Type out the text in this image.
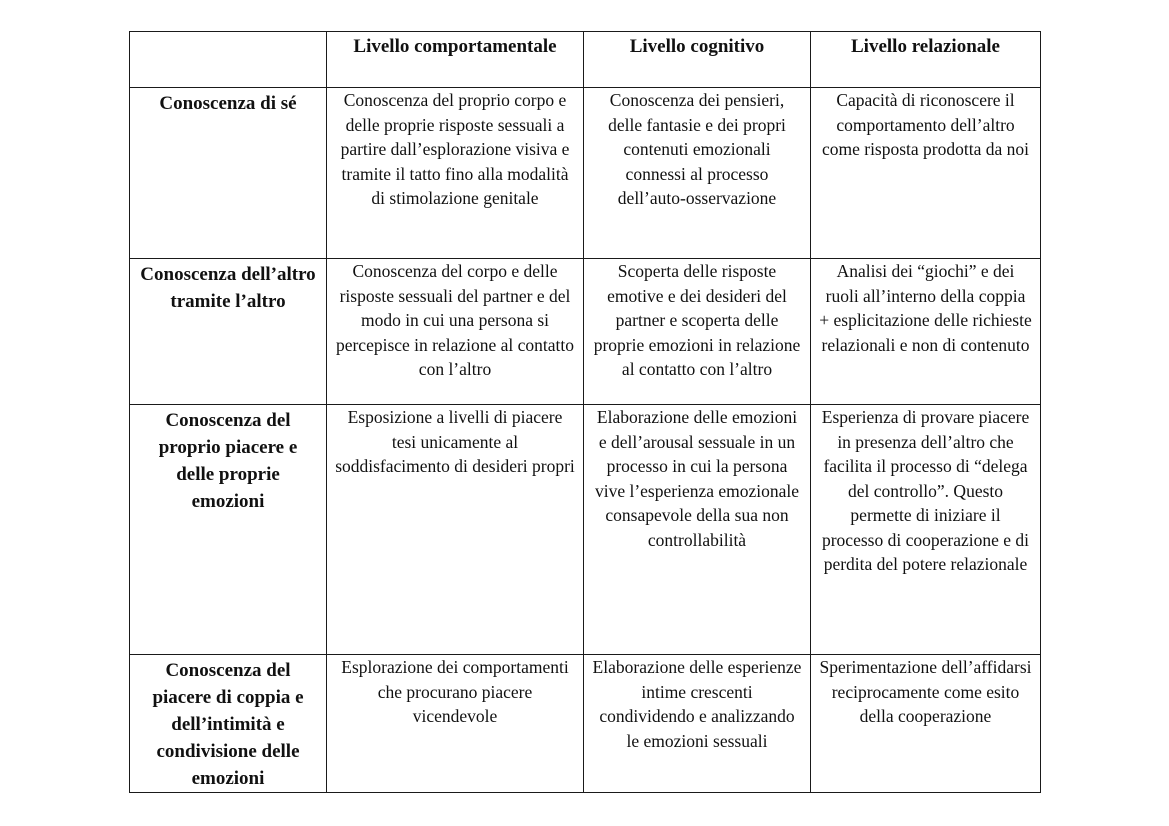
	Livello comportamentale	Livello cognitivo	Livello relazionale
Conoscenza di sé	Conoscenza del proprio corpo e delle proprie risposte sessuali a partire dall’esplorazione visiva e tramite il tatto fino alla modalità di stimolazione genitale	Conoscenza dei pensieri, delle fantasie e dei propri contenuti emozionali connessi al processo dell’auto-osservazione	Capacità di riconoscere il comportamento dell’altro come risposta prodotta da noi
Conoscenza dell’altro tramite l’altro	Conoscenza del corpo e delle risposte sessuali del partner e del modo in cui una persona si percepisce in relazione al contatto con l’altro	Scoperta delle risposte emotive e dei desideri del partner e scoperta delle proprie emozioni in relazione al contatto con l’altro	Analisi dei “giochi” e dei ruoli all’interno della coppia + esplicitazione delle richieste relazionali e non di contenuto
Conoscenza del proprio piacere e delle proprie emozioni	Esposizione a livelli di piacere tesi unicamente al soddisfacimento di desideri propri	Elaborazione delle emozioni e dell’arousal sessuale in un processo in cui la persona vive l’esperienza emozionale consapevole della sua non controllabilità	Esperienza di provare piacere in presenza dell’altro che facilita il processo di “delega del controllo”. Questo permette di iniziare il processo di cooperazione e di perdita del potere relazionale
Conoscenza del piacere di coppia e dell’intimità e condivisione delle emozioni	Esplorazione dei comportamenti che procurano piacere vicendevole	Elaborazione delle esperienze intime crescenti condividendo e analizzando le emozioni sessuali	Sperimentazione dell’affidarsi reciprocamente come esito della cooperazione
